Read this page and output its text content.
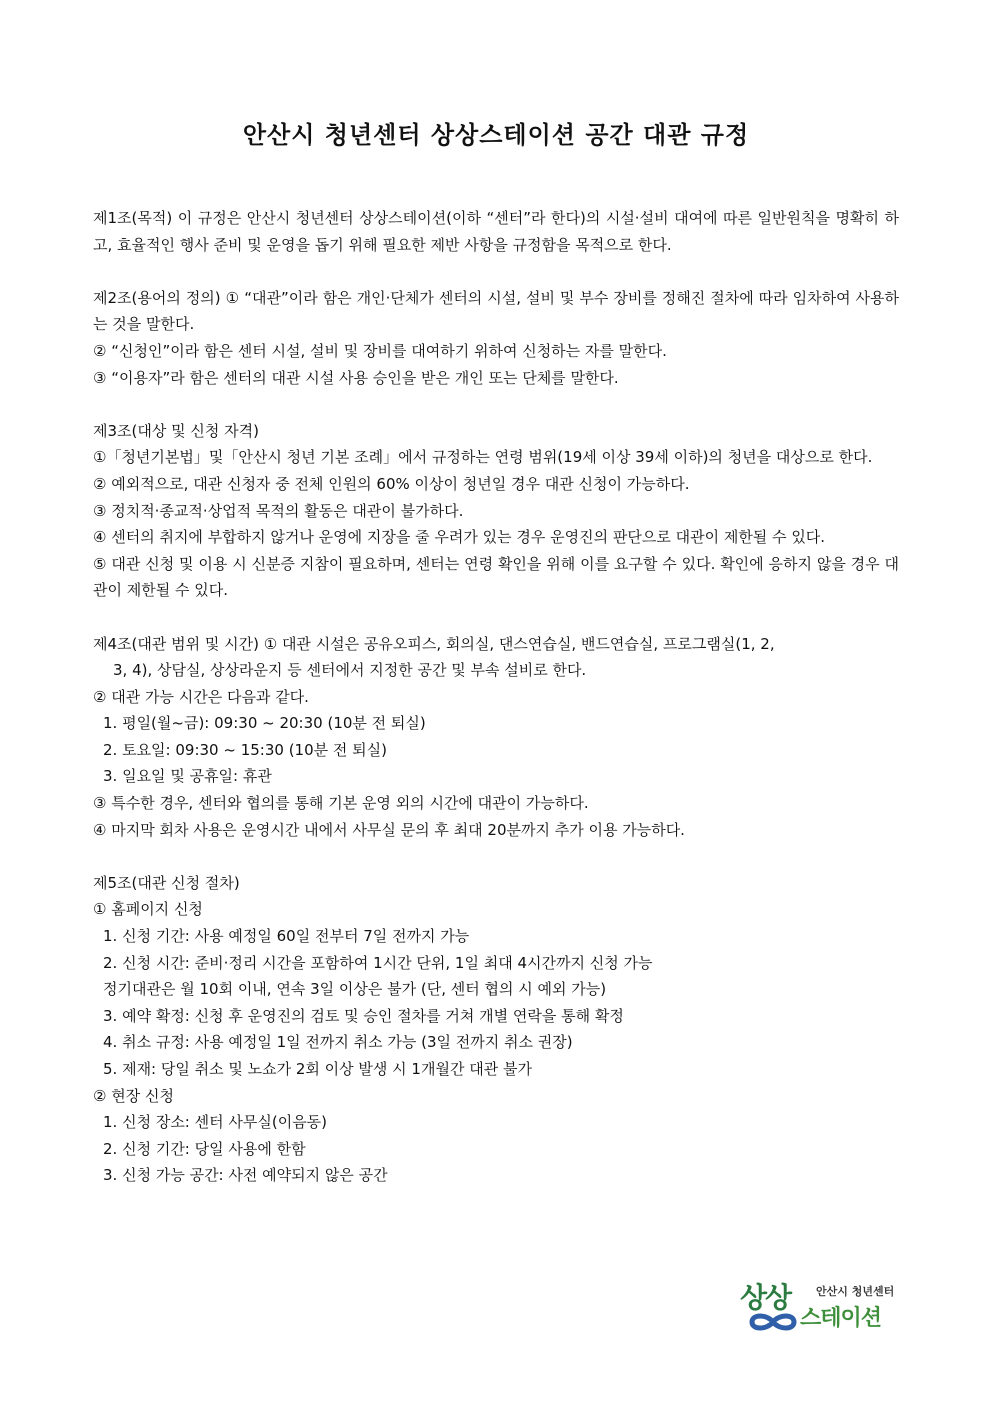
안산시 청년센터 상상스테이션 공간 대관 규정
제1조(목적) 이 규정은 안산시 청년센터 상상스테이션(이하 “센터”라 한다)의 시설·설비 대여에 따른 일반원칙을 명확히 하고, 효율적인 행사 준비 및 운영을 돕기 위해 필요한 제반 사항을 규정함을 목적으로 한다.
제2조(용어의 정의) ① “대관”이라 함은 개인·단체가 센터의 시설, 설비 및 부수 장비를 정해진 절차에 따라 임차하여 사용하는 것을 말한다.
② “신청인”이라 함은 센터 시설, 설비 및 장비를 대여하기 위하여 신청하는 자를 말한다.
③ “이용자”라 함은 센터의 대관 시설 사용 승인을 받은 개인 또는 단체를 말한다.
제3조(대상 및 신청 자격)
①「청년기본법」및「안산시 청년 기본 조례」에서 규정하는 연령 범위(19세 이상 39세 이하)의 청년을 대상으로 한다.
② 예외적으로, 대관 신청자 중 전체 인원의 60% 이상이 청년일 경우 대관 신청이 가능하다.
③ 정치적·종교적·상업적 목적의 활동은 대관이 불가하다.
④ 센터의 취지에 부합하지 않거나 운영에 지장을 줄 우려가 있는 경우 운영진의 판단으로 대관이 제한될 수 있다.
⑤ 대관 신청 및 이용 시 신분증 지참이 필요하며, 센터는 연령 확인을 위해 이를 요구할 수 있다. 확인에 응하지 않을 경우 대관이 제한될 수 있다.
제4조(대관 범위 및 시간) ① 대관 시설은 공유오피스, 회의실, 댄스연습실, 밴드연습실, 프로그램실(1, 2,
3, 4), 상담실, 상상라운지 등 센터에서 지정한 공간 및 부속 설비로 한다.
② 대관 가능 시간은 다음과 같다.
1. 평일(월~금): 09:30 ~ 20:30 (10분 전 퇴실)
2. 토요일: 09:30 ~ 15:30 (10분 전 퇴실)
3. 일요일 및 공휴일: 휴관
③ 특수한 경우, 센터와 협의를 통해 기본 운영 외의 시간에 대관이 가능하다.
④ 마지막 회차 사용은 운영시간 내에서 사무실 문의 후 최대 20분까지 추가 이용 가능하다.
제5조(대관 신청 절차)
① 홈페이지 신청
1. 신청 기간: 사용 예정일 60일 전부터 7일 전까지 가능
2. 신청 시간: 준비·정리 시간을 포함하여 1시간 단위, 1일 최대 4시간까지 신청 가능
정기대관은 월 10회 이내, 연속 3일 이상은 불가 (단, 센터 협의 시 예외 가능)
3. 예약 확정: 신청 후 운영진의 검토 및 승인 절차를 거쳐 개별 연락을 통해 확정
4. 취소 규정: 사용 예정일 1일 전까지 취소 가능 (3일 전까지 취소 권장)
5. 제재: 당일 취소 및 노쇼가 2회 이상 발생 시 1개월간 대관 불가
② 현장 신청
1. 신청 장소: 센터 사무실(이음동)
2. 신청 기간: 당일 사용에 한함
3. 신청 가능 공간: 사전 예약되지 않은 공간
상상 안산시 청년센터
스테이션
